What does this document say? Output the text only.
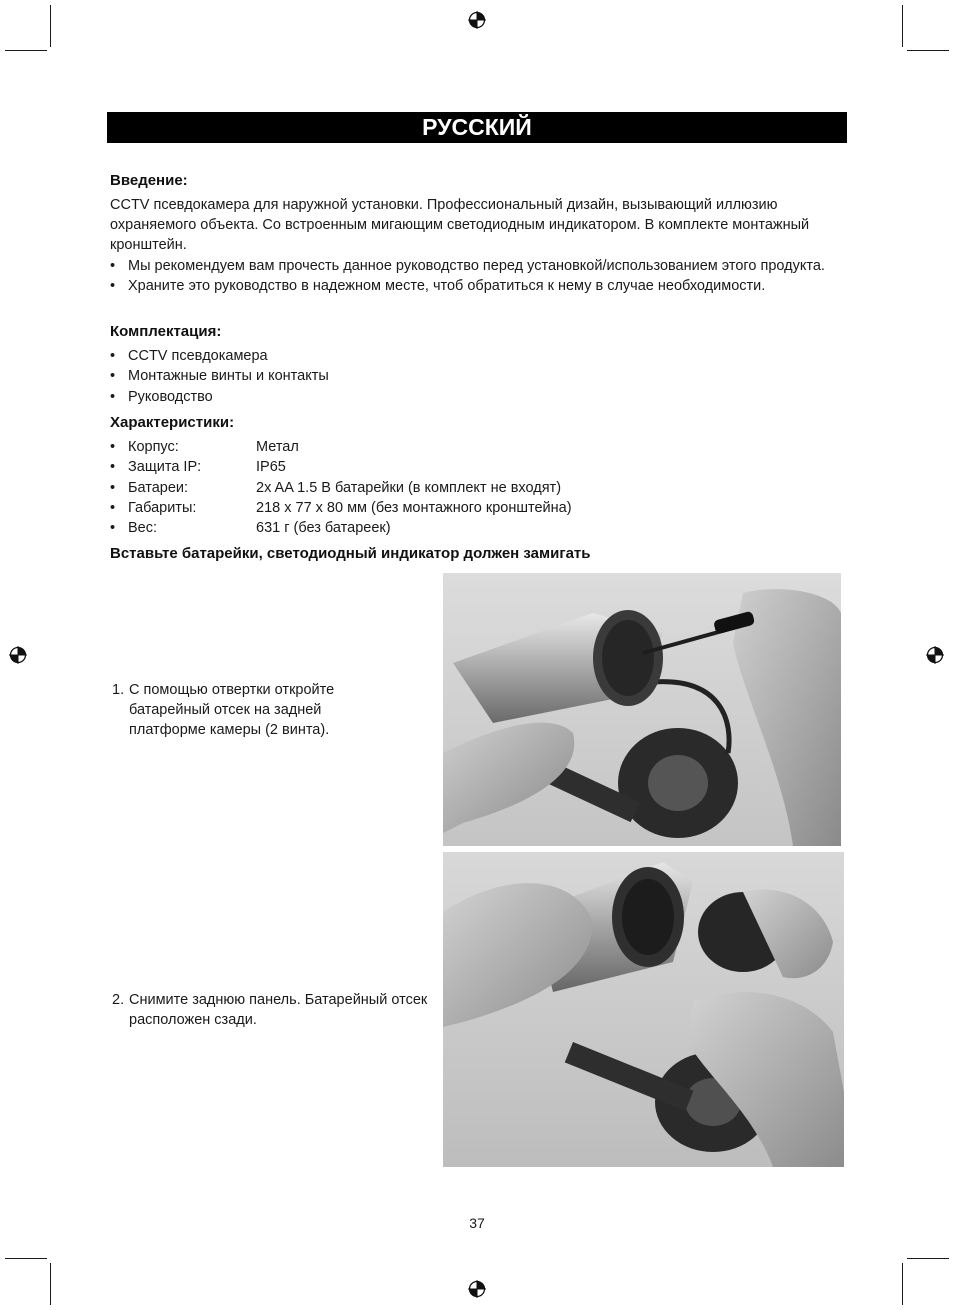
РУССКИЙ
Введение:

CCTV псевдокамера для наружной установки. Профессиональный дизайн, вызывающий иллюзию охраняемого объекта. Со встроенным мигающим светодиодным индикатором. В комплекте монтажный кронштейн.

• Мы рекомендуем вам прочесть данное руководство перед установкой/использованием этого продукта.
• Храните это руководство в надежном месте, чтоб обратиться к нему в случае необходимости.
Комплектация:
• CCTV псевдокамера
• Монтажные винты и контакты
• Руководство
Характеристики:
• Корпус:	Метал
• Защита IP:	IP65
• Батареи:	2x AA 1.5 В батарейки (в комплект не входят)
• Габариты:	218 x 77 x 80 мм (без монтажного кронштейна)
• Вес:	631 г (без батареек)
Вставьте батарейки, светодиодный индикатор должен замигать
1. С помощью отвертки откройте батарейный отсек на задней платформе камеры (2 винта).
2. Снимите заднюю панель. Батарейный отсек расположен сзади.
37
